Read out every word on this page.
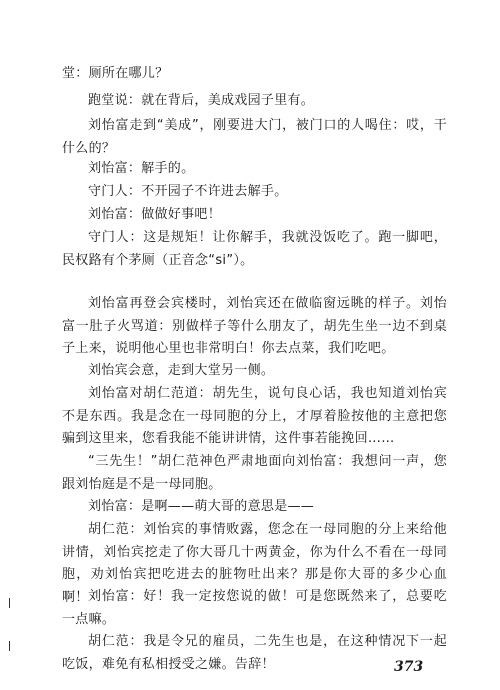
堂：厕所在哪儿？

跑堂说：就在背后，美成戏园子里有。

刘怡富走到“美成”，刚要进大门，被门口的人喝住：哎，干什么的？

刘怡富：解手的。

守门人：不开园子不许进去解手。

刘怡富：做做好事吧！

守门人：这是规矩！让你解手，我就没饭吃了。跑一脚吧，民权路有个茅厕（正音念“si”）。

刘怡富再登会宾楼时，刘怡宾还在做临窗远眺的样子。刘怡富一肚子火骂道：别做样子等什么朋友了，胡先生坐一边不到桌子上来，说明他心里也非常明白！你去点菜，我们吃吧。

刘怡宾会意，走到大堂另一侧。

刘怡富对胡仁范道：胡先生，说句良心话，我也知道刘怡宾不是东西。我是念在一母同胞的分上，才厚着脸按他的主意把您骗到这里来，您看我能不能讲讲情，这件事若能挽回……

“三先生！”胡仁范神色严肃地面向刘怡富：我想问一声，您跟刘怡庭是不是一母同胞。

刘怡富：是啊——萌大哥的意思是——

胡仁范：刘怡宾的事情败露，您念在一母同胞的分上来给他讲情，刘怡宾挖走了你大哥几十两黄金，你为什么不看在一母同胞，劝刘怡宾把吃进去的脏物吐出来？那是你大哥的多少心血啊！ 刘怡富：好！我一定按您说的做！可是您既然来了，总要吃一点嘛。

胡仁范：我是令兄的雇员，二先生也是，在这种情况下一起吃饭，难免有私相授受之嫌。告辞！	373
